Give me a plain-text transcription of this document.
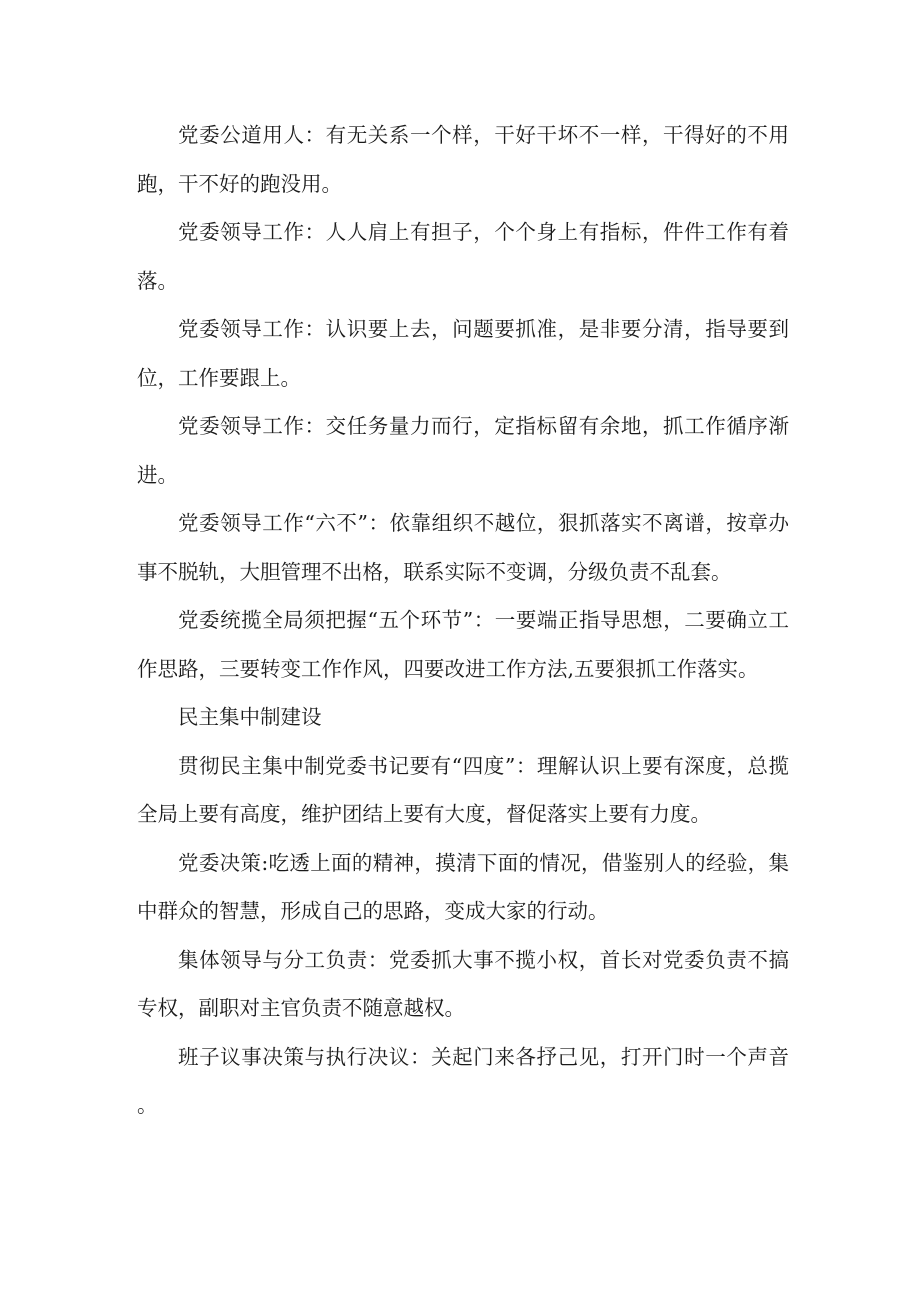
党委公道用人：有无关系一个样，干好干坏不一样，干得好的不用跑，干不好的跑没用。

党委领导工作：人人肩上有担子，个个身上有指标，件件工作有着落。

党委领导工作：认识要上去，问题要抓准，是非要分清，指导要到位，工作要跟上。

党委领导工作：交任务量力而行，定指标留有余地，抓工作循序渐进。

党委领导工作“六不”：依靠组织不越位，狠抓落实不离谱，按章办事不脱轨，大胆管理不出格，联系实际不变调，分级负责不乱套。

党委统揽全局须把握“五个环节”：一要端正指导思想，二要确立工作思路，三要转变工作作风，四要改进工作方法,五要狠抓工作落实。

民主集中制建设

贯彻民主集中制党委书记要有“四度”：理解认识上要有深度，总揽全局上要有高度，维护团结上要有大度，督促落实上要有力度。

党委决策:吃透上面的精神，摸清下面的情况，借鉴别人的经验，集中群众的智慧，形成自己的思路，变成大家的行动。

集体领导与分工负责：党委抓大事不揽小权，首长对党委负责不搞专权，副职对主官负责不随意越权。

班子议事决策与执行决议：关起门来各抒己见，打开门时一个声音。
